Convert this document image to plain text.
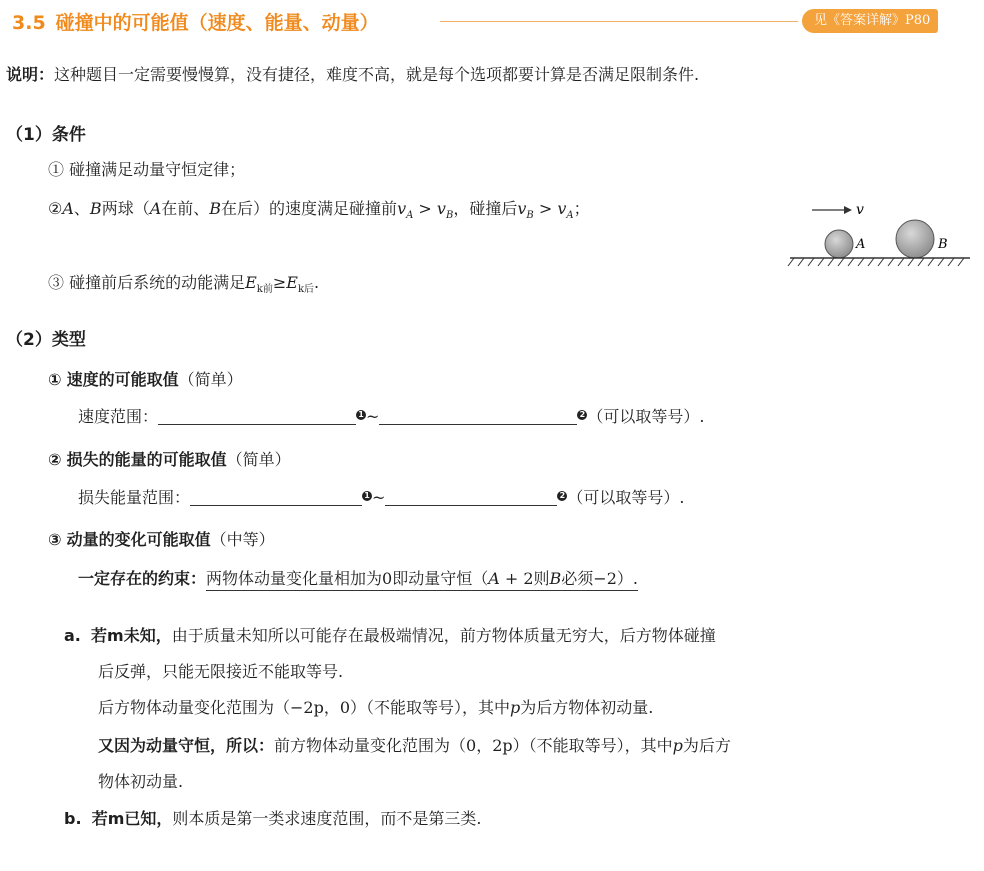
3.5 碰撞中的可能值（速度、能量、动量）	见《答案详解》P80
说明：这种题目一定需要慢慢算，没有捷径，难度不高，就是每个选项都要计算是否满足限制条件.
（1）条件
① 碰撞满足动量守恒定律；
②A、B两球（A在前、B在后）的速度满足碰撞前$v_A > v_B$，碰撞后$v_B > v_A$；
③ 碰撞前后系统的动能满足$E_{k前}\ge E_{k后}$.
v
A	B
（2）类型
① 速度的可能取值（简单）
速度范围：	1 ~	2 （可以取等号）.
② 损失的能量的可能取值（简单）
损失能量范围：	1 ~	2 （可以取等号）.
③ 动量的变化可能取值（中等）
一定存在的约束：两物体动量变化量相加为0即动量守恒（A + 2则B必须−2）.
a. 若m未知，由于质量未知所以可能存在最极端情况，前方物体质量无穷大，后方物体碰撞
后反弹，只能无限接近不能取等号.
后方物体动量变化范围为（−2p，0）（不能取等号），其中p为后方物体初动量.
又因为动量守恒，所以：前方物体动量变化范围为（0，2p）（不能取等号），其中p为后方
物体初动量.
b. 若m已知，则本质是第一类求速度范围，而不是第三类.
